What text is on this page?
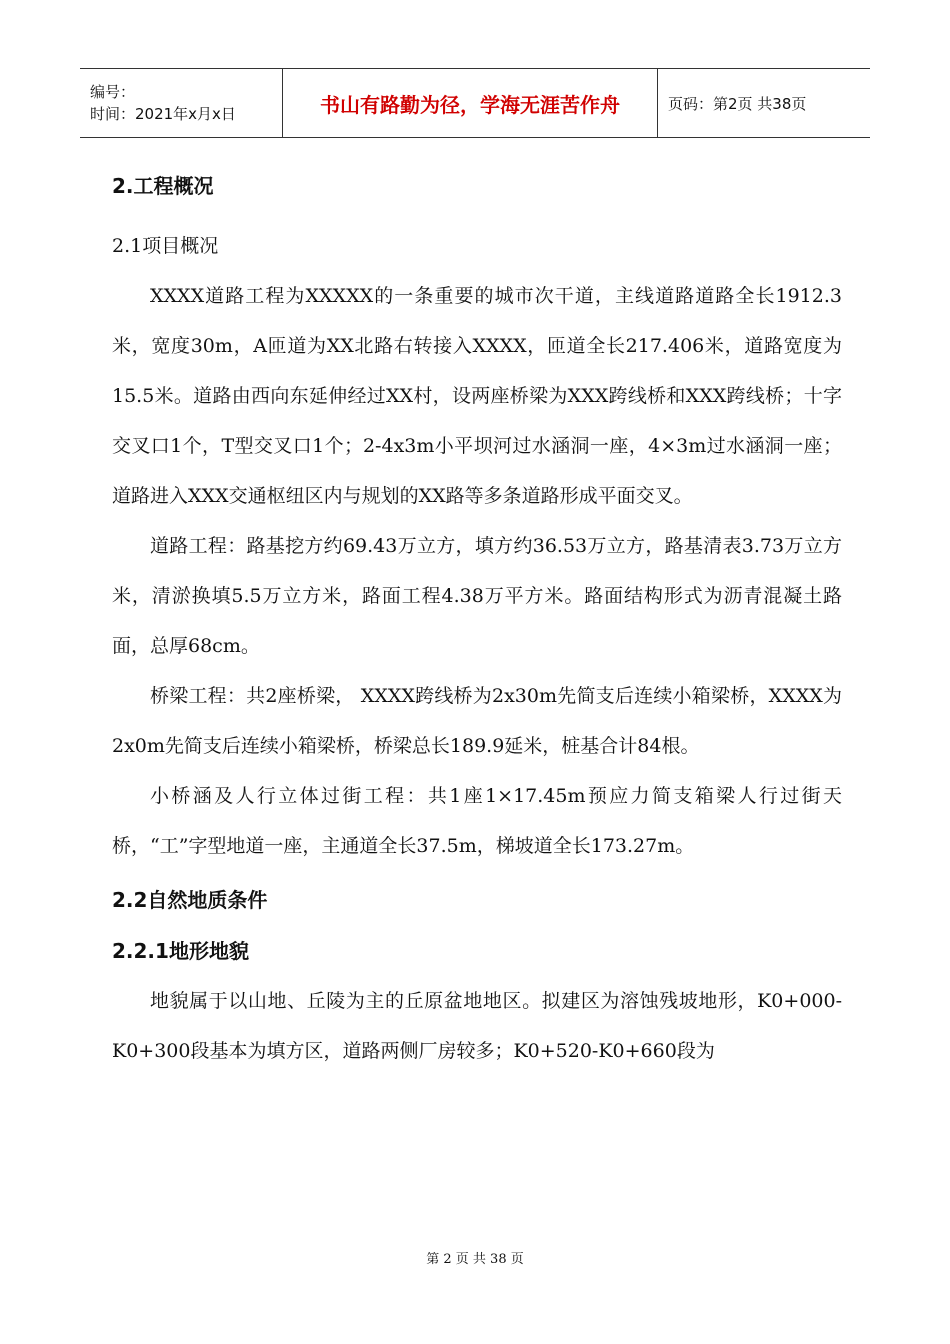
编号：
时间：2021年x月x日	书山有路勤为径，学海无涯苦作舟	页码：第2页 共38页

2.工程概况

2.1项目概况

XXXX道路工程为XXXXX的一条重要的城市次干道，主线道路道路全长1912.3米，宽度30m，A匝道为XX北路右转接入XXXX，匝道全长217.406米，道路宽度为15.5米。道路由西向东延伸经过XX村，设两座桥梁为XXX跨线桥和XXX跨线桥；十字交叉口1个，T型交叉口1个；2-4x3m小平坝河过水涵洞一座，4×3m过水涵洞一座；道路进入XXX交通枢纽区内与规划的XX路等多条道路形成平面交叉。

道路工程：路基挖方约69.43万立方，填方约36.53万立方，路基清表3.73万立方米，清淤换填5.5万立方米，路面工程4.38万平方米。路面结构形式为沥青混凝土路面，总厚68cm。

桥梁工程：共2座桥梁， XXXX跨线桥为2x30m先简支后连续小箱梁桥，XXXX为2x0m先简支后连续小箱梁桥，桥梁总长189.9延米，桩基合计84根。

小桥涵及人行立体过街工程：共1座1×17.45m预应力简支箱梁人行过街天桥，“工”字型地道一座，主通道全长37.5m，梯坡道全长173.27m。

2.2自然地质条件

2.2.1地形地貌

地貌属于以山地、丘陵为主的丘原盆地地区。拟建区为溶蚀残坡地形，K0+000-K0+300段基本为填方区，道路两侧厂房较多；K0+520-K0+660段为

第 2 页 共 38 页
